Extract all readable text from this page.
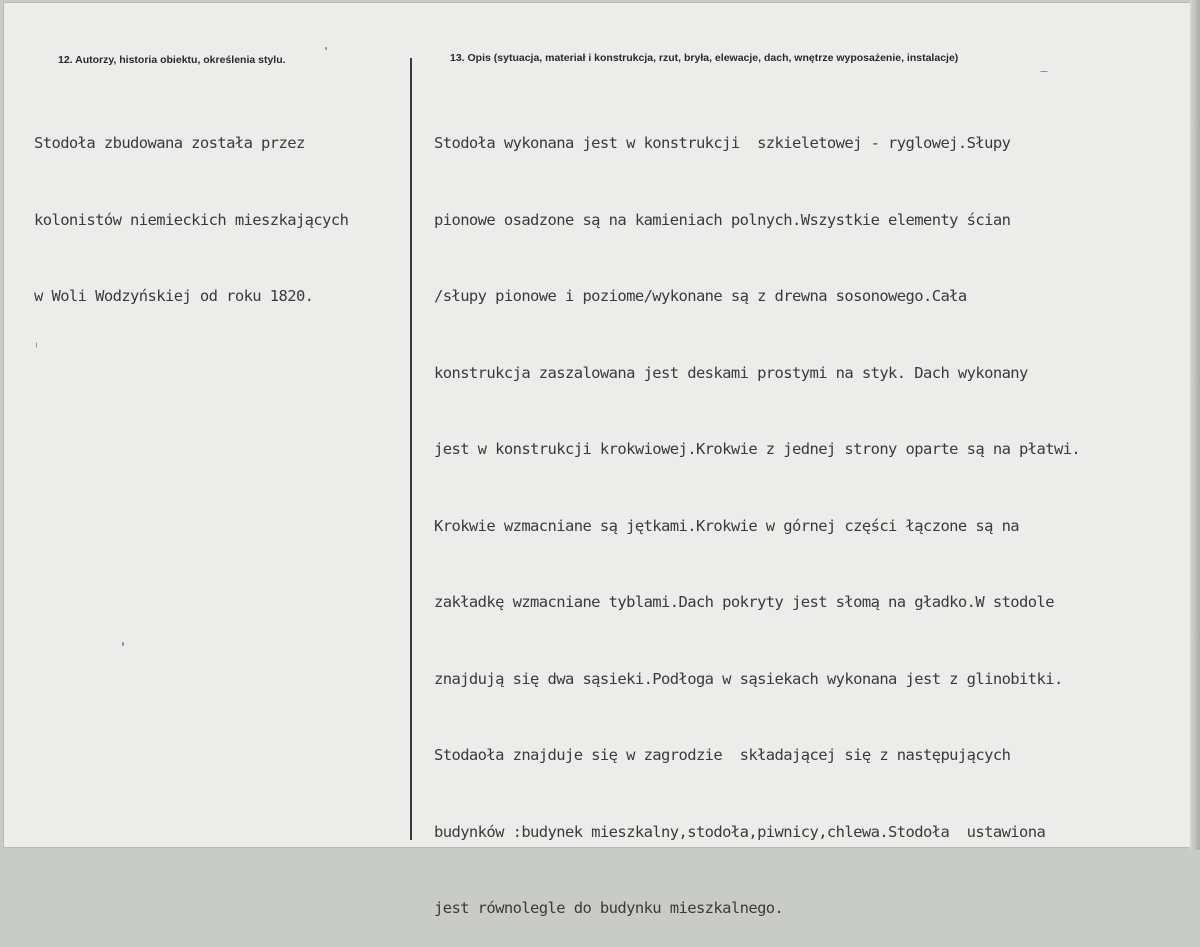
12. Autorzy, historia obiektu, określenia stylu.	13. Opis (sytuacja, materiał i konstrukcja, rzut, bryła, elewacje, dach, wnętrze wyposażenie, instalacje)

Stodoła zbudowana została przez

kolonistów niemieckich mieszkających

w Woli Wodzyńskiej od roku 1820.

Stodoła wykonana jest w konstrukcji  szkieletowej - ryglowej.Słupy

pionowe osadzone są na kamieniach polnych.Wszystkie elementy ścian

/słupy pionowe i poziome/wykonane są z drewna sosonowego.Cała

konstrukcja zaszalowana jest deskami prostymi na styk. Dach wykonany

jest w konstrukcji krokwiowej.Krokwie z jednej strony oparte są na płatwi.

Krokwie wzmacniane są jętkami.Krokwie w górnej części łączone są na

zakładkę wzmacniane tyblami.Dach pokryty jest słomą na gładko.W stodole

znajdują się dwa sąsieki.Podłoga w sąsiekach wykonana jest z glinobitki.

Stodaoła znajduje się w zagrodzie  składającej się z następujących

budynków :budynek mieszkalny,stodoła,piwnicy,chlewa.Stodoła  ustawiona

jest równolegle do budynku mieszkalnego.
